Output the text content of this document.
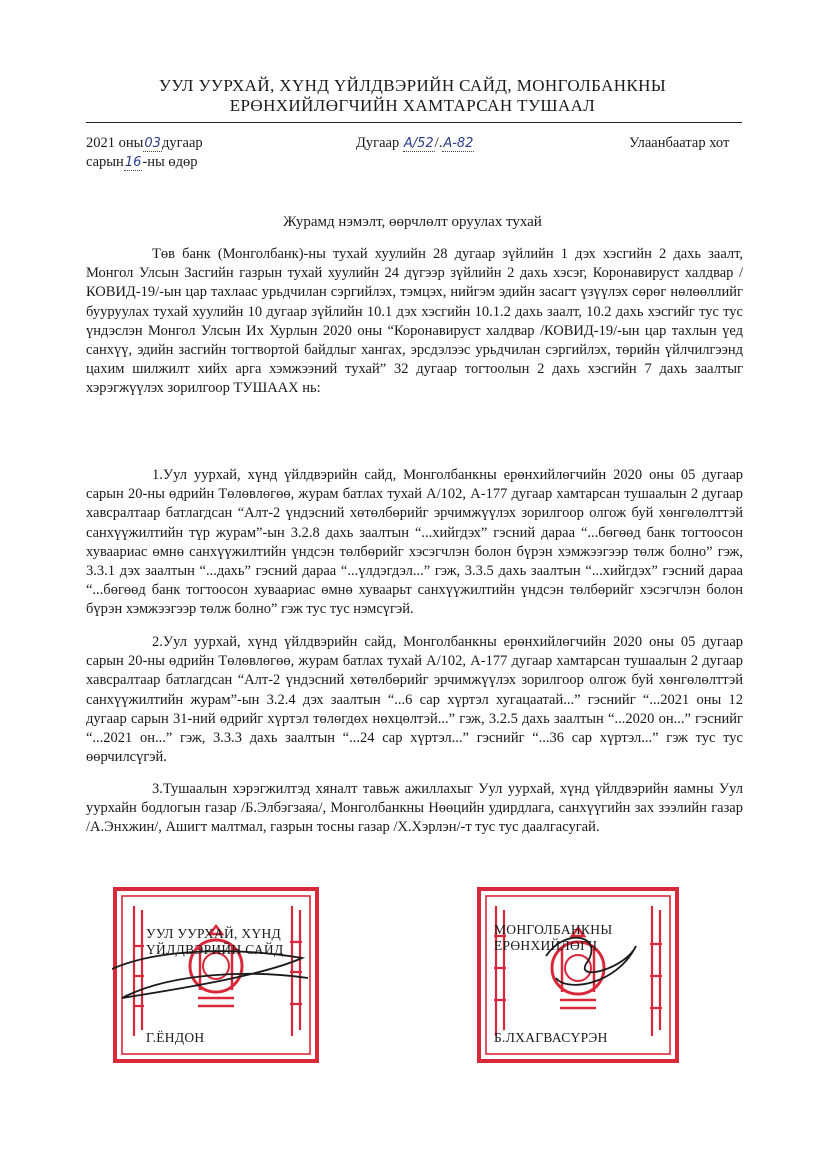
УУЛ УУРХАЙ, ХҮНД ҮЙЛДВЭРИЙН САЙД, МОНГОЛБАНКНЫ
ЕРӨНХИЙЛӨГЧИЙН ХАМТАРСАН ТУШААЛ
2021 оны03дугаар
сарын16-ны өдөр
Дугаар А/52/.А-82	Улаанбаатар хот
Журамд нэмэлт, өөрчлөлт оруулах тухай

Төв банк (Монголбанк)-ны тухай хуулийн 28 дугаар зүйлийн 1 дэх хэсгийн 2 дахь заалт, Монгол Улсын Засгийн газрын тухай хуулийн 24 дүгээр зүйлийн 2 дахь хэсэг, Коронавируст халдвар /КОВИД-19/-ын цар тахлаас урьдчилан сэргийлэх, тэмцэх, нийгэм эдийн засагт үзүүлэх сөрөг нөлөөллийг бууруулах тухай хуулийн 10 дугаар зүйлийн 10.1 дэх хэсгийн 10.1.2 дахь заалт, 10.2 дахь хэсгийг тус тус үндэслэн Монгол Улсын Их Хурлын 2020 оны “Коронавируст халдвар /КОВИД-19/-ын цар тахлын үед санхүү, эдийн засгийн тогтвортой байдлыг хангах, эрсдэлээс урьдчилан сэргийлэх, төрийн үйлчилгээнд цахим шилжилт хийх арга хэмжээний тухай” 32 дугаар тогтоолын 2 дахь хэсгийн 7 дахь заалтыг хэрэгжүүлэх зорилгоор ТУШААХ нь:

1.Уул уурхай, хүнд үйлдвэрийн сайд, Монголбанкны ерөнхийлөгчийн 2020 оны 05 дугаар сарын 20-ны өдрийн Төлөвлөгөө, журам батлах тухай А/102, А-177 дугаар хамтарсан тушаалын 2 дугаар хавсралтаар батлагдсан “Алт-2 үндэсний хөтөлбөрийг эрчимжүүлэх зорилгоор олгож буй хөнгөлөлттэй санхүүжилтийн түр журам”-ын 3.2.8 дахь заалтын “...хийгдэх” гэсний дараа “...бөгөөд банк тогтоосон хуваариас өмнө санхүүжилтийн үндсэн төлбөрийг хэсэгчлэн болон бүрэн хэмжээгээр төлж болно” гэж, 3.3.1 дэх заалтын “...дахь” гэсний дараа “...үлдэгдэл...” гэж, 3.3.5 дахь заалтын “...хийгдэх” гэсний дараа “...бөгөөд банк тогтоосон хуваариас өмнө хуваарьт санхүүжилтийн үндсэн төлбөрийг хэсэгчлэн болон бүрэн хэмжээгээр төлж болно” гэж тус тус нэмсүгэй.

2.Уул уурхай, хүнд үйлдвэрийн сайд, Монголбанкны ерөнхийлөгчийн 2020 оны 05 дугаар сарын 20-ны өдрийн Төлөвлөгөө, журам батлах тухай А/102, А-177 дугаар хамтарсан тушаалын 2 дугаар хавсралтаар батлагдсан “Алт-2 үндэсний хөтөлбөрийг эрчимжүүлэх зорилгоор олгож буй хөнгөлөлттэй санхүүжилтийн журам”-ын 3.2.4 дэх заалтын “...6 сар хүртэл хугацаатай...” гэснийг “...2021 оны 12 дугаар сарын 31-ний өдрийг хүртэл төлөгдөх нөхцөлтэй...” гэж, 3.2.5 дахь заалтын “...2020 он...” гэснийг “...2021 он...” гэж, 3.3.3 дахь заалтын “...24 сар хүртэл...” гэснийг “...36 сар хүртэл...” гэж тус тус өөрчилсүгэй.

3.Тушаалын хэрэгжилтэд хяналт тавьж ажиллахыг Уул уурхай, хүнд үйлдвэрийн яамны Уул уурхайн бодлогын газар /Б.Элбэгзаяа/, Монголбанкны Нөөцийн удирдлага, санхүүгийн зах зээлийн газар /А.Энхжин/, Ашигт малтмал, газрын тосны газар /Х.Хэрлэн/-т тус тус даалгасугай.

УУЛ УУРХАЙ, ХҮНД
ҮЙЛДВЭРИЙН САЙД
Г.ЁНДОН
МОНГОЛБАНКНЫ
ЕРӨНХИЙЛӨГЧ
Б.ЛХАГВАСҮРЭН
